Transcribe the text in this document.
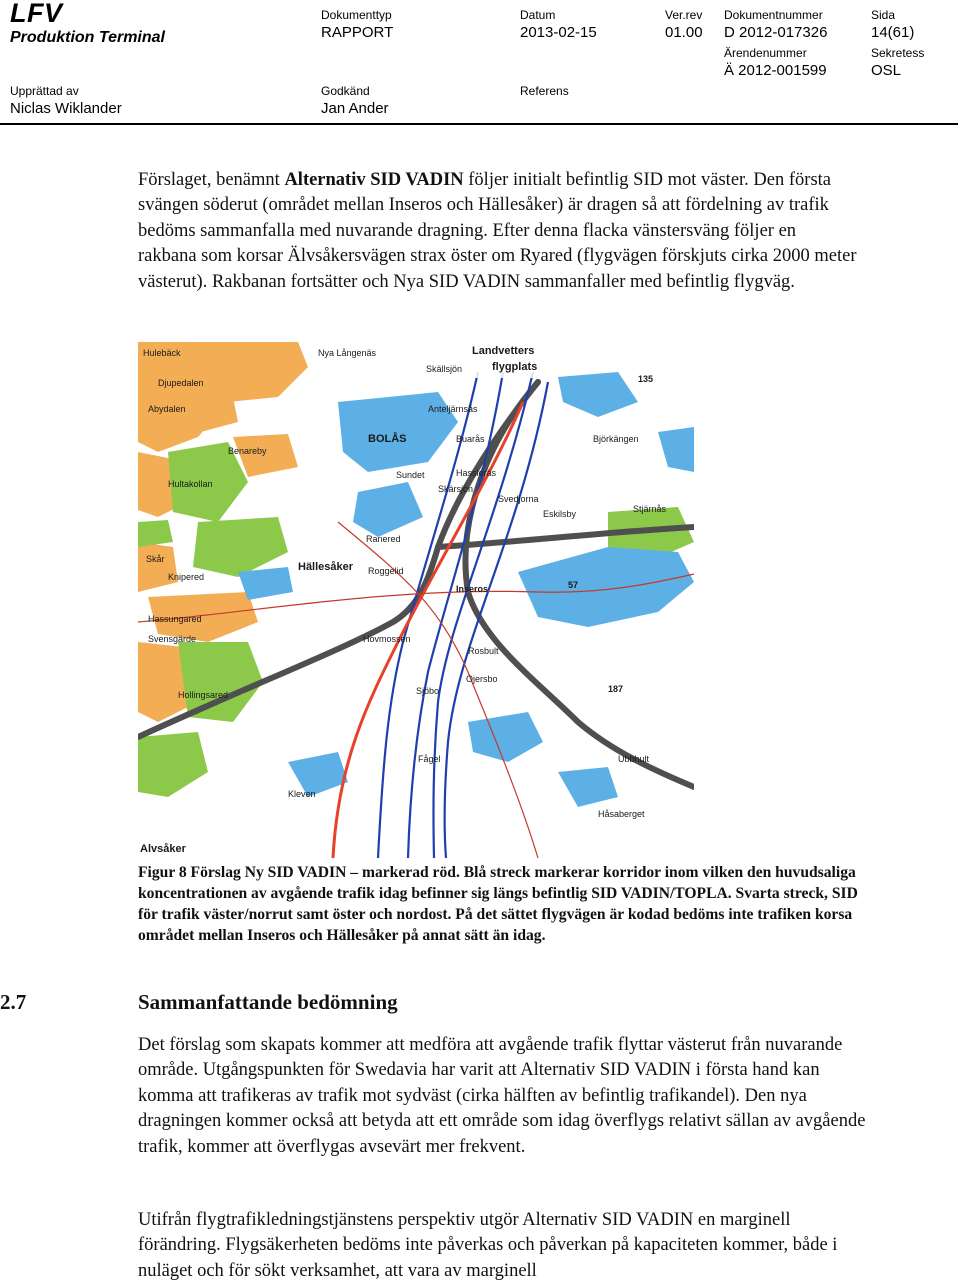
LFV
Produktion Terminal
Dokumenttyp
RAPPORT
Datum
2013-02-15
Ver.rev
01.00
Dokumentnummer
D 2012-017326
Sida
14(61)
Ärendenummer
Ä 2012-001599
Sekretess
OSL
Upprättad av
Niclas Wiklander
Godkänd
Jan Ander
Referens

Förslaget, benämnt Alternativ SID VADIN följer initialt befintlig SID mot väster. Den första svängen söderut (området mellan Inseros och Hällesåker) är dragen så att fördelning av trafik bedöms sammanfalla med nuvarande dragning. Efter denna flacka vänstersväng följer en rakbana som korsar Älvsåkersvägen strax öster om Ryared (flygvägen förskjuts cirka 2000 meter västerut). Rakbanan fortsätter och Nya SID VADIN sammanfaller med befintlig flygväg.

Landvetters
flygplats
Nya Långenäs
Skällsjön
Anteljärnsås
Buarås	Björkängen
BOLÅS
Hassleräs
Sundet
Stjärnås
Eskilsby
Hällesåker
Ranered
Roggelid
Knipered
Inseros
Hassungared
Hovmossen
Ojersbo
Rosbult
Sjöbo
Fågel	Ubbhult
Kleven
Håsaberget
Hulebäck
Djupedalen
Abydalen
Benareby
Hultakollan
Skår
Svensgärde
Hollingsared
Alvsåker
Skärsjön
Svedjorna
57
187
135

Figur 8 Förslag Ny SID VADIN – markerad röd. Blå streck markerar korridor inom vilken den huvudsaliga koncentrationen av avgående trafik idag befinner sig längs befintlig SID VADIN/TOPLA. Svarta streck, SID för trafik väster/norrut samt öster och nordost. På det sättet flygvägen är kodad bedöms inte trafiken korsa området mellan Inseros och Hällesåker på annat sätt än idag.

2.7	Sammanfattande bedömning

Det förslag som skapats kommer att medföra att avgående trafik flyttar västerut från nuvarande område. Utgångspunkten för Swedavia har varit att Alternativ SID VADIN i första hand kan komma att trafikeras av trafik mot sydväst (cirka hälften av befintlig trafikandel). Den nya dragningen kommer också att betyda att ett område som idag överflygs relativt sällan av avgående trafik, kommer att överflygas avsevärt mer frekvent.

Utifrån flygtrafikledningstjänstens perspektiv utgör Alternativ SID VADIN en marginell förändring. Flygsäkerheten bedöms inte påverkas och påverkan på kapaciteten kommer, både i nuläget och för sökt verksamhet, att vara av marginell
